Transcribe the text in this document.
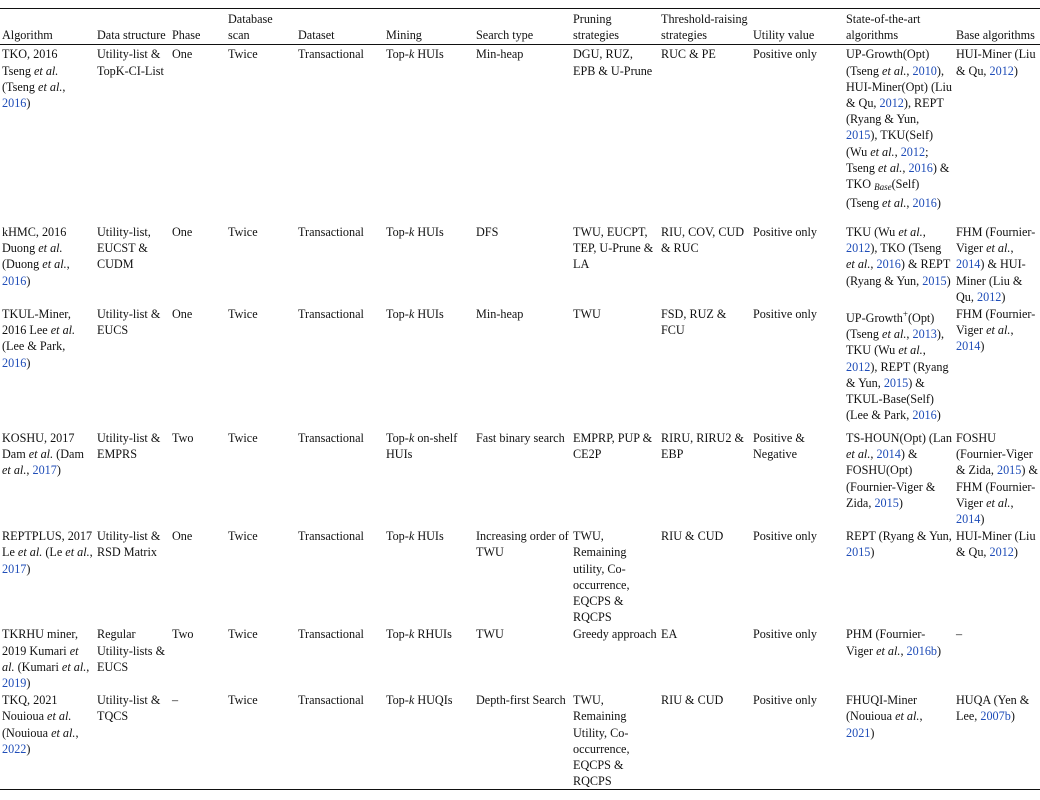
Algorithm	Data structure	Phase	Database scan	Dataset	Mining	Search type	Pruning strategies	Threshold-raising strategies	Utility value	State-of-the-art algorithms	Base algorithms
TKO, 2016
Tseng et al.
(Tseng et al.,
2016)	Utility-list & TopK-CI-List	One	Twice	Transactional	Top-k HUIs	Min-heap	DGU, RUZ, EPB & U-Prune	RUC & PE	Positive only	UP-Growth(Opt) (Tseng et al., 2010), HUI-Miner(Opt) (Liu & Qu, 2012), REPT (Ryang & Yun, 2015), TKU(Self) (Wu et al., 2012; Tseng et al., 2016) & TKO $_{Base}$(Self) (Tseng et al., 2016)	HUI-Miner (Liu & Qu, 2012)
kHMC, 2016
Duong et al.
(Duong et al.,
2016)	Utility-list, EUCST & CUDM	One	Twice	Transactional	Top-k HUIs	DFS	TWU, EUCPT, TEP, U-Prune & LA	RIU, COV, CUD & RUC	Positive only	TKU (Wu et al., 2012), TKO (Tseng et al., 2016) & REPT (Ryang & Yun, 2015)	FHM (Fournier-Viger et al., 2014) & HUI-Miner (Liu & Qu, 2012)
TKUL-Miner, 2016 Lee et al.
(Lee & Park,
2016)	Utility-list & EUCS	One	Twice	Transactional	Top-k HUIs	Min-heap	TWU	FSD, RUZ & FCU	Positive only	UP-Growth+(Opt) (Tseng et al., 2013), TKU (Wu et al., 2012), REPT (Ryang & Yun, 2015) & TKUL-Base(Self) (Lee & Park, 2016)	FHM (Fournier-Viger et al., 2014)
KOSHU, 2017 Dam et al. (Dam et al., 2017)	Utility-list & EMPRS	Two	Twice	Transactional	Top-k on-shelf HUIs	Fast binary search	EMPRP, PUP & CE2P	RIRU, RIRU2 & EBP	Positive & Negative	TS-HOUN(Opt) (Lan et al., 2014) & FOSHU(Opt) (Fournier-Viger & Zida, 2015)	FOSHU (Fournier-Viger & Zida, 2015) & FHM (Fournier-Viger et al., 2014)
REPTPLUS, 2017 Le et al. (Le et al., 2017)	Utility-list & RSD Matrix	One	Twice	Transactional	Top-k HUIs	Increasing order of TWU	TWU, Remaining utility, Co-occurrence, EQCPS & RQCPS	RIU & CUD	Positive only	REPT (Ryang & Yun, 2015)	HUI-Miner (Liu & Qu, 2012)
TKRHU miner, 2019 Kumari et al. (Kumari et al., 2019)	Regular Utility-lists & EUCS	Two	Twice	Transactional	Top-k RHUIs	TWU	Greedy approach	EA	Positive only	PHM (Fournier-Viger et al., 2016b)	–
TKQ, 2021 Nouioua et al. (Nouioua et al., 2022)	Utility-list & TQCS	–	Twice	Transactional	Top-k HUQIs	Depth-first Search	TWU, Remaining Utility, Co-occurrence, EQCPS & RQCPS	RIU & CUD	Positive only	FHUQI-Miner (Nouioua et al., 2021)	HUQA (Yen & Lee, 2007b)
